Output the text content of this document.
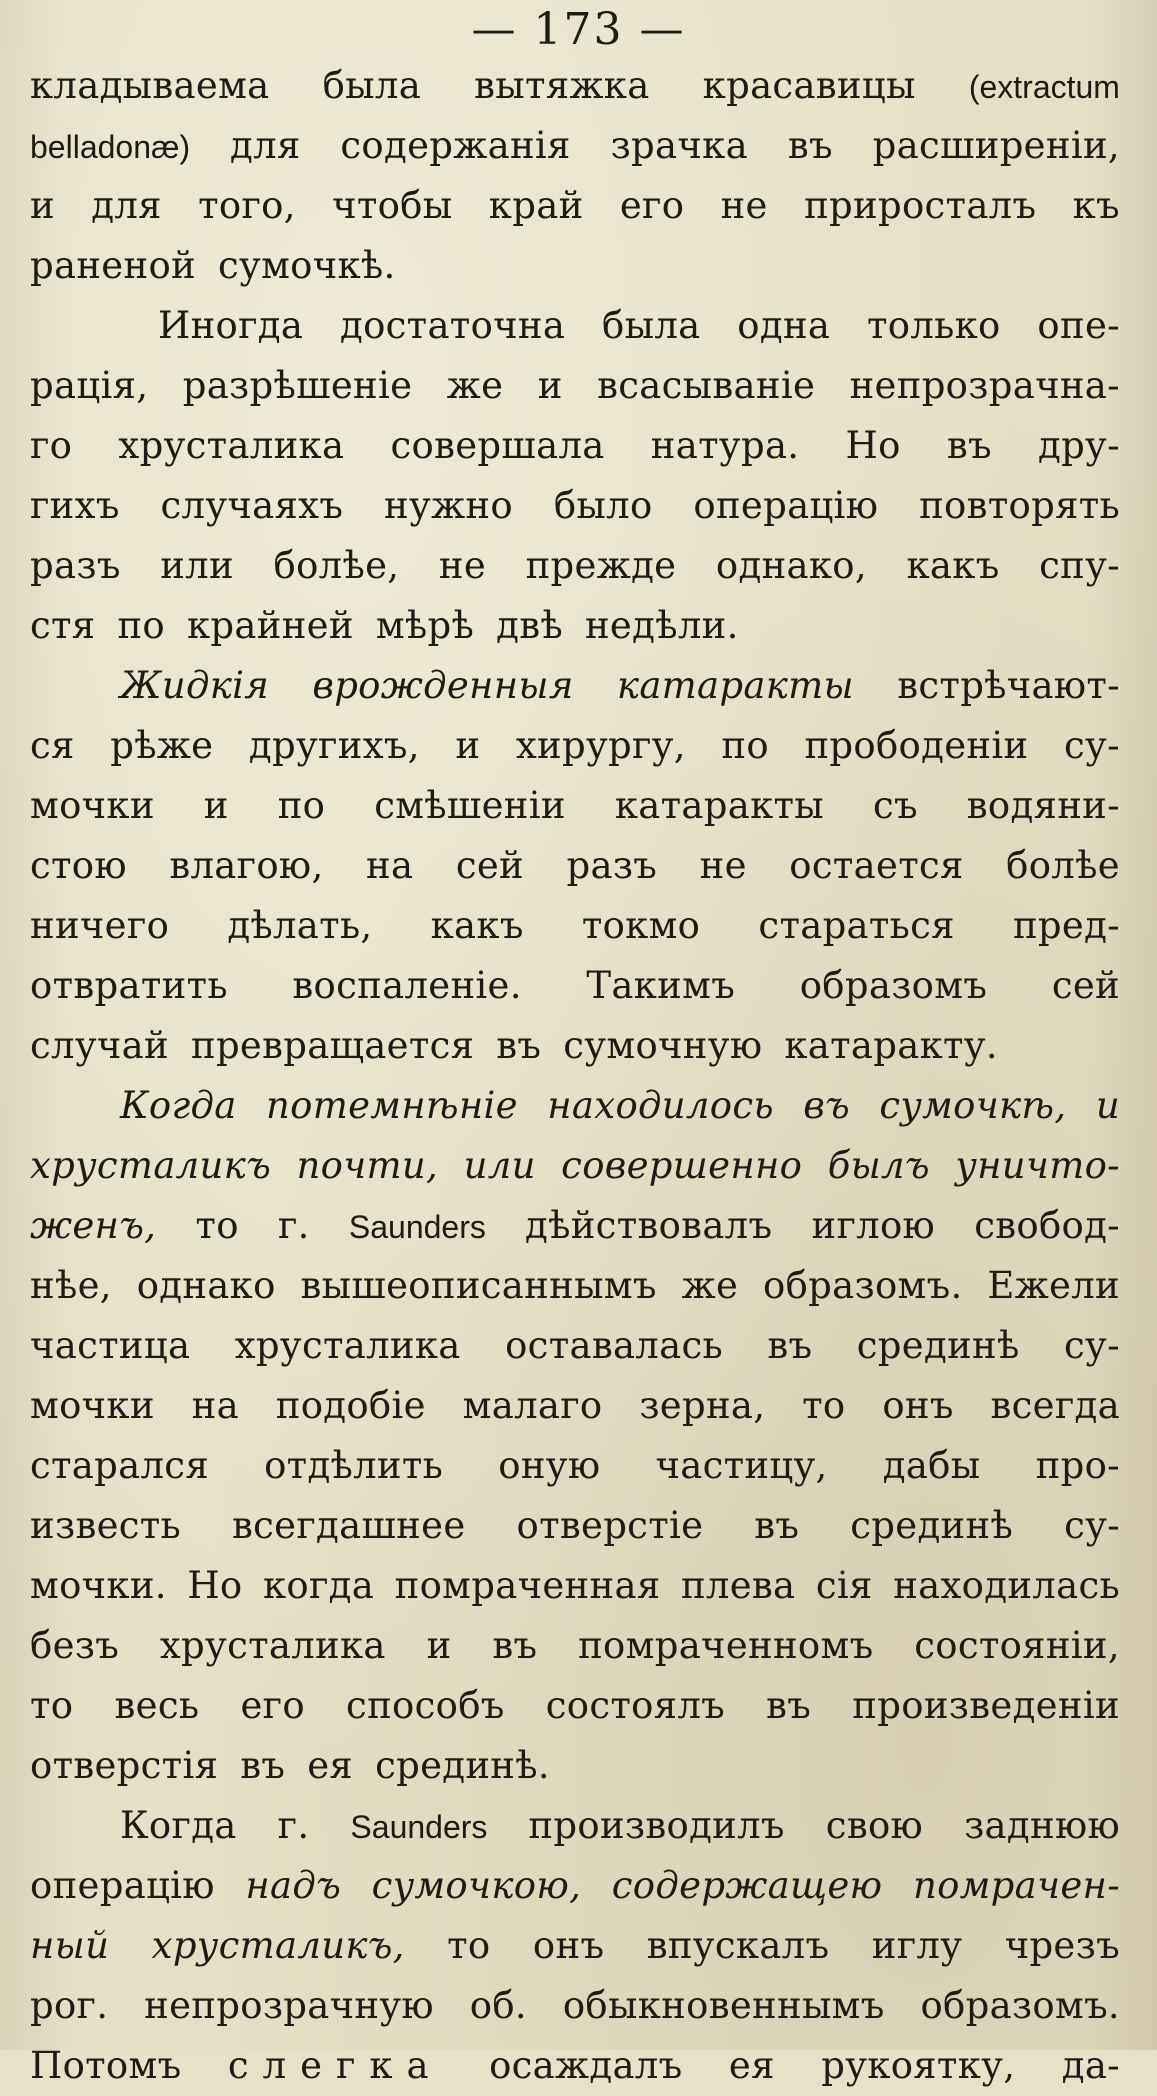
— 173 —
кладываема была вытяжка красавицы (extractum
belladonæ) для содержанія зрачка въ расширеніи,
и для того, чтобы край его не приросталъ къ
раненой сумочкѣ.
Иногда достаточна была одна только опе-
рація, разрѣшеніе же и всасываніе непрозрачна-
го хрусталика совершала натура. Но въ дру-
гихъ случаяхъ нужно было операцію повторять
разъ или болѣе, не прежде однако, какъ спу-
стя по крайней мѣрѣ двѣ недѣли.
Жидкія врожденныя катаракты встрѣчают-
ся рѣже другихъ, и хирургу, по прободеніи су-
мочки и по смѣшеніи катаракты съ водяни-
стою влагою, на сей разъ не остается болѣе
ничего дѣлать, какъ токмо стараться пред-
отвратить воспаленіе. Такимъ образомъ сей
случай превращается въ сумочную катаракту.
Когда потемнѣніе находилось въ сумочкѣ, и
хрусталикъ почти, или совершенно былъ уничто-
женъ, то г. Saunders дѣйствовалъ иглою свобод-
нѣе, однако вышеописаннымъ же образомъ. Ежели
частица хрусталика оставалась въ срединѣ су-
мочки на подобіе малаго зерна, то онъ всегда
старался отдѣлить оную частицу, дабы про-
известь всегдашнее отверстіе въ срединѣ су-
мочки. Но когда помраченная плева сія находилась
безъ хрусталика и въ помраченномъ состояніи,
то весь его способъ состоялъ въ произведеніи
отверстія въ ея срединѣ.
Когда г. Saunders производилъ свою заднюю
операцію надъ сумочкою, содержащею помрачен-
ный хрусталикъ, то онъ впускалъ иглу чрезъ
рог. непрозрачную об. обыкновеннымъ образомъ.
Потомъ слегка осаждалъ ея рукоятку, да-
